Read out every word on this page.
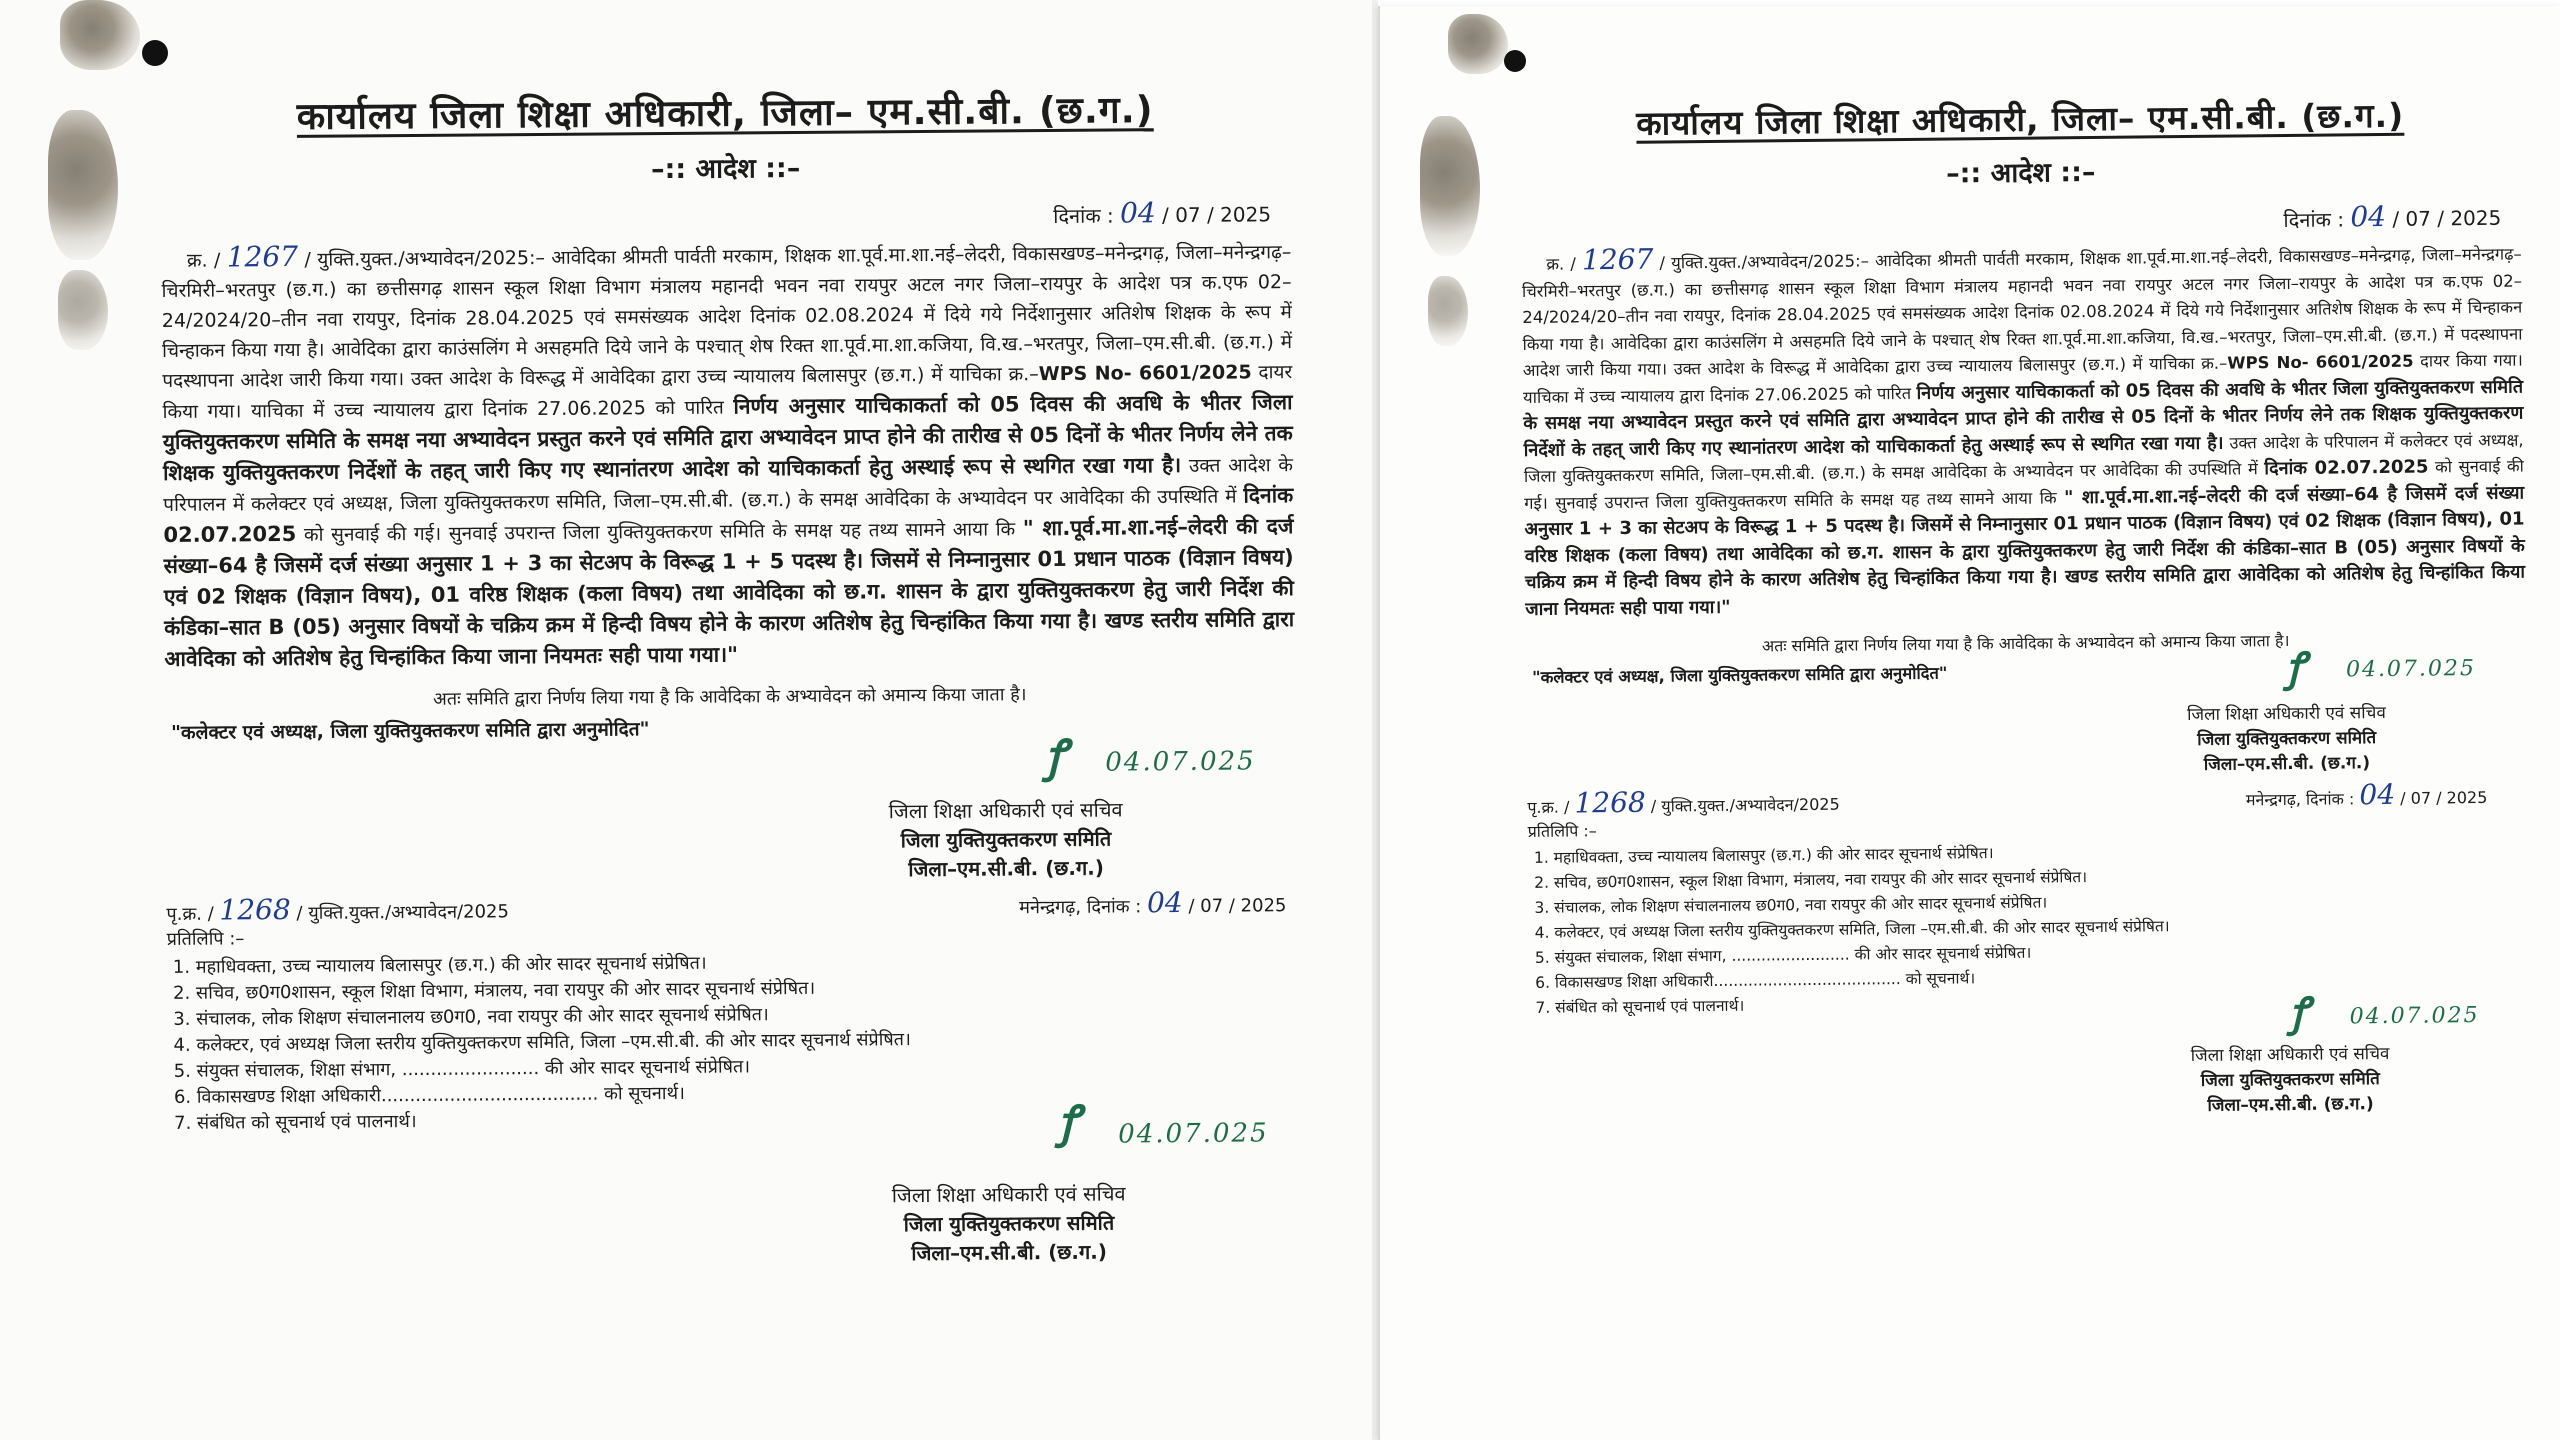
कार्यालय जिला शिक्षा अधिकारी, जिला– एम.सी.बी. (छ.ग.)
–:: आदेश ::–
दिनांक : 04 / 07 / 2025
क्र. / 1267 / युक्ति.युक्त./अभ्यावेदन/2025:– आवेदिका श्रीमती पार्वती मरकाम, शिक्षक शा.पूर्व.मा.शा.नई–लेदरी, विकासखण्ड–मनेन्द्रगढ़, जिला–मनेन्द्रगढ़–चिरमिरी–भरतपुर (छ.ग.) का छत्तीसगढ़ शासन स्कूल शिक्षा विभाग मंत्रालय महानदी भवन नवा रायपुर अटल नगर जिला–रायपुर के आदेश पत्र क.एफ 02–24/2024/20–तीन नवा रायपुर, दिनांक 28.04.2025 एवं समसंख्यक आदेश दिनांक 02.08.2024 में दिये गये निर्देशानुसार अतिशेष शिक्षक के रूप में चिन्हाकन किया गया है। आवेदिका द्वारा काउंसलिंग मे असहमति दिये जाने के पश्चात् शेष रिक्त शा.पूर्व.मा.शा.कजिया, वि.ख.–भरतपुर, जिला–एम.सी.बी. (छ.ग.) में पदस्थापना आदेश जारी किया गया। उक्त आदेश के विरूद्ध में आवेदिका द्वारा उच्च न्यायालय बिलासपुर (छ.ग.) में याचिका क्र.–WPS No- 6601/2025 दायर किया गया। याचिका में उच्च न्यायालय द्वारा दिनांक 27.06.2025 को पारित निर्णय अनुसार याचिकाकर्ता को 05 दिवस की अवधि के भीतर जिला युक्तियुक्तकरण समिति के समक्ष नया अभ्यावेदन प्रस्तुत करने एवं समिति द्वारा अभ्यावेदन प्राप्त होने की तारीख से 05 दिनों के भीतर निर्णय लेने तक शिक्षक युक्तियुक्तकरण निर्देशों के तहत् जारी किए गए स्थानांतरण आदेश को याचिकाकर्ता हेतु अस्थाई रूप से स्थगित रखा गया है। उक्त आदेश के परिपालन में कलेक्टर एवं अध्यक्ष, जिला युक्तियुक्तकरण समिति, जिला–एम.सी.बी. (छ.ग.) के समक्ष आवेदिका के अभ्यावेदन पर आवेदिका की उपस्थिति में दिनांक 02.07.2025 को सुनवाई की गई। सुनवाई उपरान्त जिला युक्तियुक्तकरण समिति के समक्ष यह तथ्य सामने आया कि " शा.पूर्व.मा.शा.नई–लेदरी की दर्ज संख्या–64 है जिसमें दर्ज संख्या अनुसार 1 + 3 का सेटअप के विरूद्ध 1 + 5 पदस्थ है। जिसमें से निम्नानुसार 01 प्रधान पाठक (विज्ञान विषय) एवं 02 शिक्षक (विज्ञान विषय), 01 वरिष्ठ शिक्षक (कला विषय) तथा आवेदिका को छ.ग. शासन के द्वारा युक्तियुक्तकरण हेतु जारी निर्देश की कंडिका–सात B (05) अनुसार विषयों के चक्रिय क्रम में हिन्दी विषय होने के कारण अतिशेष हेतु चिन्हांकित किया गया है। खण्ड स्तरीय समिति द्वारा आवेदिका को अतिशेष हेतु चिन्हांकित किया जाना नियमतः सही पाया गया।"
अतः समिति द्वारा निर्णय लिया गया है कि आवेदिका के अभ्यावेदन को अमान्य किया जाता है।
"कलेक्टर एवं अध्यक्ष, जिला युक्तियुक्तकरण समिति द्वारा अनुमोदित"	ꝭ 04.07.025
जिला शिक्षा अधिकारी एवं सचिव
जिला युक्तियुक्तकरण समिति
जिला–एम.सी.बी. (छ.ग.)
पृ.क्र. / 1268 / युक्ति.युक्त./अभ्यावेदन/2025	मनेन्द्रगढ़, दिनांक : 04 / 07 / 2025
प्रतिलिपि :–
1. महाधिवक्ता, उच्च न्यायालय बिलासपुर (छ.ग.) की ओर सादर सूचनार्थ संप्रेषित।
2. सचिव, छ0ग0शासन, स्कूल शिक्षा विभाग, मंत्रालय, नवा रायपुर की ओर सादर सूचनार्थ संप्रेषित।
3. संचालक, लोक शिक्षण संचालनालय छ0ग0, नवा रायपुर की ओर सादर सूचनार्थ संप्रेषित।
4. कलेक्टर, एवं अध्यक्ष जिला स्तरीय युक्तियुक्तकरण समिति, जिला –एम.सी.बी. की ओर सादर सूचनार्थ संप्रेषित।
5. संयुक्त संचालक, शिक्षा संभाग, ........................ की ओर सादर सूचनार्थ संप्रेषित।
6. विकासखण्ड शिक्षा अधिकारी...................................... को सूचनार्थ।
7. संबंधित को सूचनार्थ एवं पालनार्थ।	ꝭ 04.07.025
जिला शिक्षा अधिकारी एवं सचिव
जिला युक्तियुक्तकरण समिति
जिला–एम.सी.बी. (छ.ग.)
कार्यालय जिला शिक्षा अधिकारी, जिला– एम.सी.बी. (छ.ग.)
–:: आदेश ::–
दिनांक : 04 / 07 / 2025
क्र. / 1267 / युक्ति.युक्त./अभ्यावेदन/2025:– आवेदिका श्रीमती पार्वती मरकाम, शिक्षक शा.पूर्व.मा.शा.नई–लेदरी, विकासखण्ड–मनेन्द्रगढ़, जिला–मनेन्द्रगढ़–चिरमिरी–भरतपुर (छ.ग.) का छत्तीसगढ़ शासन स्कूल शिक्षा विभाग मंत्रालय महानदी भवन नवा रायपुर अटल नगर जिला–रायपुर के आदेश पत्र क.एफ 02–24/2024/20–तीन नवा रायपुर, दिनांक 28.04.2025 एवं समसंख्यक आदेश दिनांक 02.08.2024 में दिये गये निर्देशानुसार अतिशेष शिक्षक के रूप में चिन्हाकन किया गया है। आवेदिका द्वारा काउंसलिंग मे असहमति दिये जाने के पश्चात् शेष रिक्त शा.पूर्व.मा.शा.कजिया, वि.ख.–भरतपुर, जिला–एम.सी.बी. (छ.ग.) में पदस्थापना आदेश जारी किया गया। उक्त आदेश के विरूद्ध में आवेदिका द्वारा उच्च न्यायालय बिलासपुर (छ.ग.) में याचिका क्र.–WPS No- 6601/2025 दायर किया गया। याचिका में उच्च न्यायालय द्वारा दिनांक 27.06.2025 को पारित निर्णय अनुसार याचिकाकर्ता को 05 दिवस की अवधि के भीतर जिला युक्तियुक्तकरण समिति के समक्ष नया अभ्यावेदन प्रस्तुत करने एवं समिति द्वारा अभ्यावेदन प्राप्त होने की तारीख से 05 दिनों के भीतर निर्णय लेने तक शिक्षक युक्तियुक्तकरण निर्देशों के तहत् जारी किए गए स्थानांतरण आदेश को याचिकाकर्ता हेतु अस्थाई रूप से स्थगित रखा गया है। उक्त आदेश के परिपालन में कलेक्टर एवं अध्यक्ष, जिला युक्तियुक्तकरण समिति, जिला–एम.सी.बी. (छ.ग.) के समक्ष आवेदिका के अभ्यावेदन पर आवेदिका की उपस्थिति में दिनांक 02.07.2025 को सुनवाई की गई। सुनवाई उपरान्त जिला युक्तियुक्तकरण समिति के समक्ष यह तथ्य सामने आया कि " शा.पूर्व.मा.शा.नई–लेदरी की दर्ज संख्या–64 है जिसमें दर्ज संख्या अनुसार 1 + 3 का सेटअप के विरूद्ध 1 + 5 पदस्थ है। जिसमें से निम्नानुसार 01 प्रधान पाठक (विज्ञान विषय) एवं 02 शिक्षक (विज्ञान विषय), 01 वरिष्ठ शिक्षक (कला विषय) तथा आवेदिका को छ.ग. शासन के द्वारा युक्तियुक्तकरण हेतु जारी निर्देश की कंडिका–सात B (05) अनुसार विषयों के चक्रिय क्रम में हिन्दी विषय होने के कारण अतिशेष हेतु चिन्हांकित किया गया है। खण्ड स्तरीय समिति द्वारा आवेदिका को अतिशेष हेतु चिन्हांकित किया जाना नियमतः सही पाया गया।"
अतः समिति द्वारा निर्णय लिया गया है कि आवेदिका के अभ्यावेदन को अमान्य किया जाता है।
"कलेक्टर एवं अध्यक्ष, जिला युक्तियुक्तकरण समिति द्वारा अनुमोदित"	ꝭ 04.07.025
जिला शिक्षा अधिकारी एवं सचिव
जिला युक्तियुक्तकरण समिति
जिला–एम.सी.बी. (छ.ग.)
पृ.क्र. / 1268 / युक्ति.युक्त./अभ्यावेदन/2025	मनेन्द्रगढ़, दिनांक : 04 / 07 / 2025
प्रतिलिपि :–
1. महाधिवक्ता, उच्च न्यायालय बिलासपुर (छ.ग.) की ओर सादर सूचनार्थ संप्रेषित।
2. सचिव, छ0ग0शासन, स्कूल शिक्षा विभाग, मंत्रालय, नवा रायपुर की ओर सादर सूचनार्थ संप्रेषित।
3. संचालक, लोक शिक्षण संचालनालय छ0ग0, नवा रायपुर की ओर सादर सूचनार्थ संप्रेषित।
4. कलेक्टर, एवं अध्यक्ष जिला स्तरीय युक्तियुक्तकरण समिति, जिला –एम.सी.बी. की ओर सादर सूचनार्थ संप्रेषित।
5. संयुक्त संचालक, शिक्षा संभाग, ........................ की ओर सादर सूचनार्थ संप्रेषित।
6. विकासखण्ड शिक्षा अधिकारी...................................... को सूचनार्थ।
7. संबंधित को सूचनार्थ एवं पालनार्थ।	ꝭ 04.07.025
जिला शिक्षा अधिकारी एवं सचिव
जिला युक्तियुक्तकरण समिति
जिला–एम.सी.बी. (छ.ग.)
